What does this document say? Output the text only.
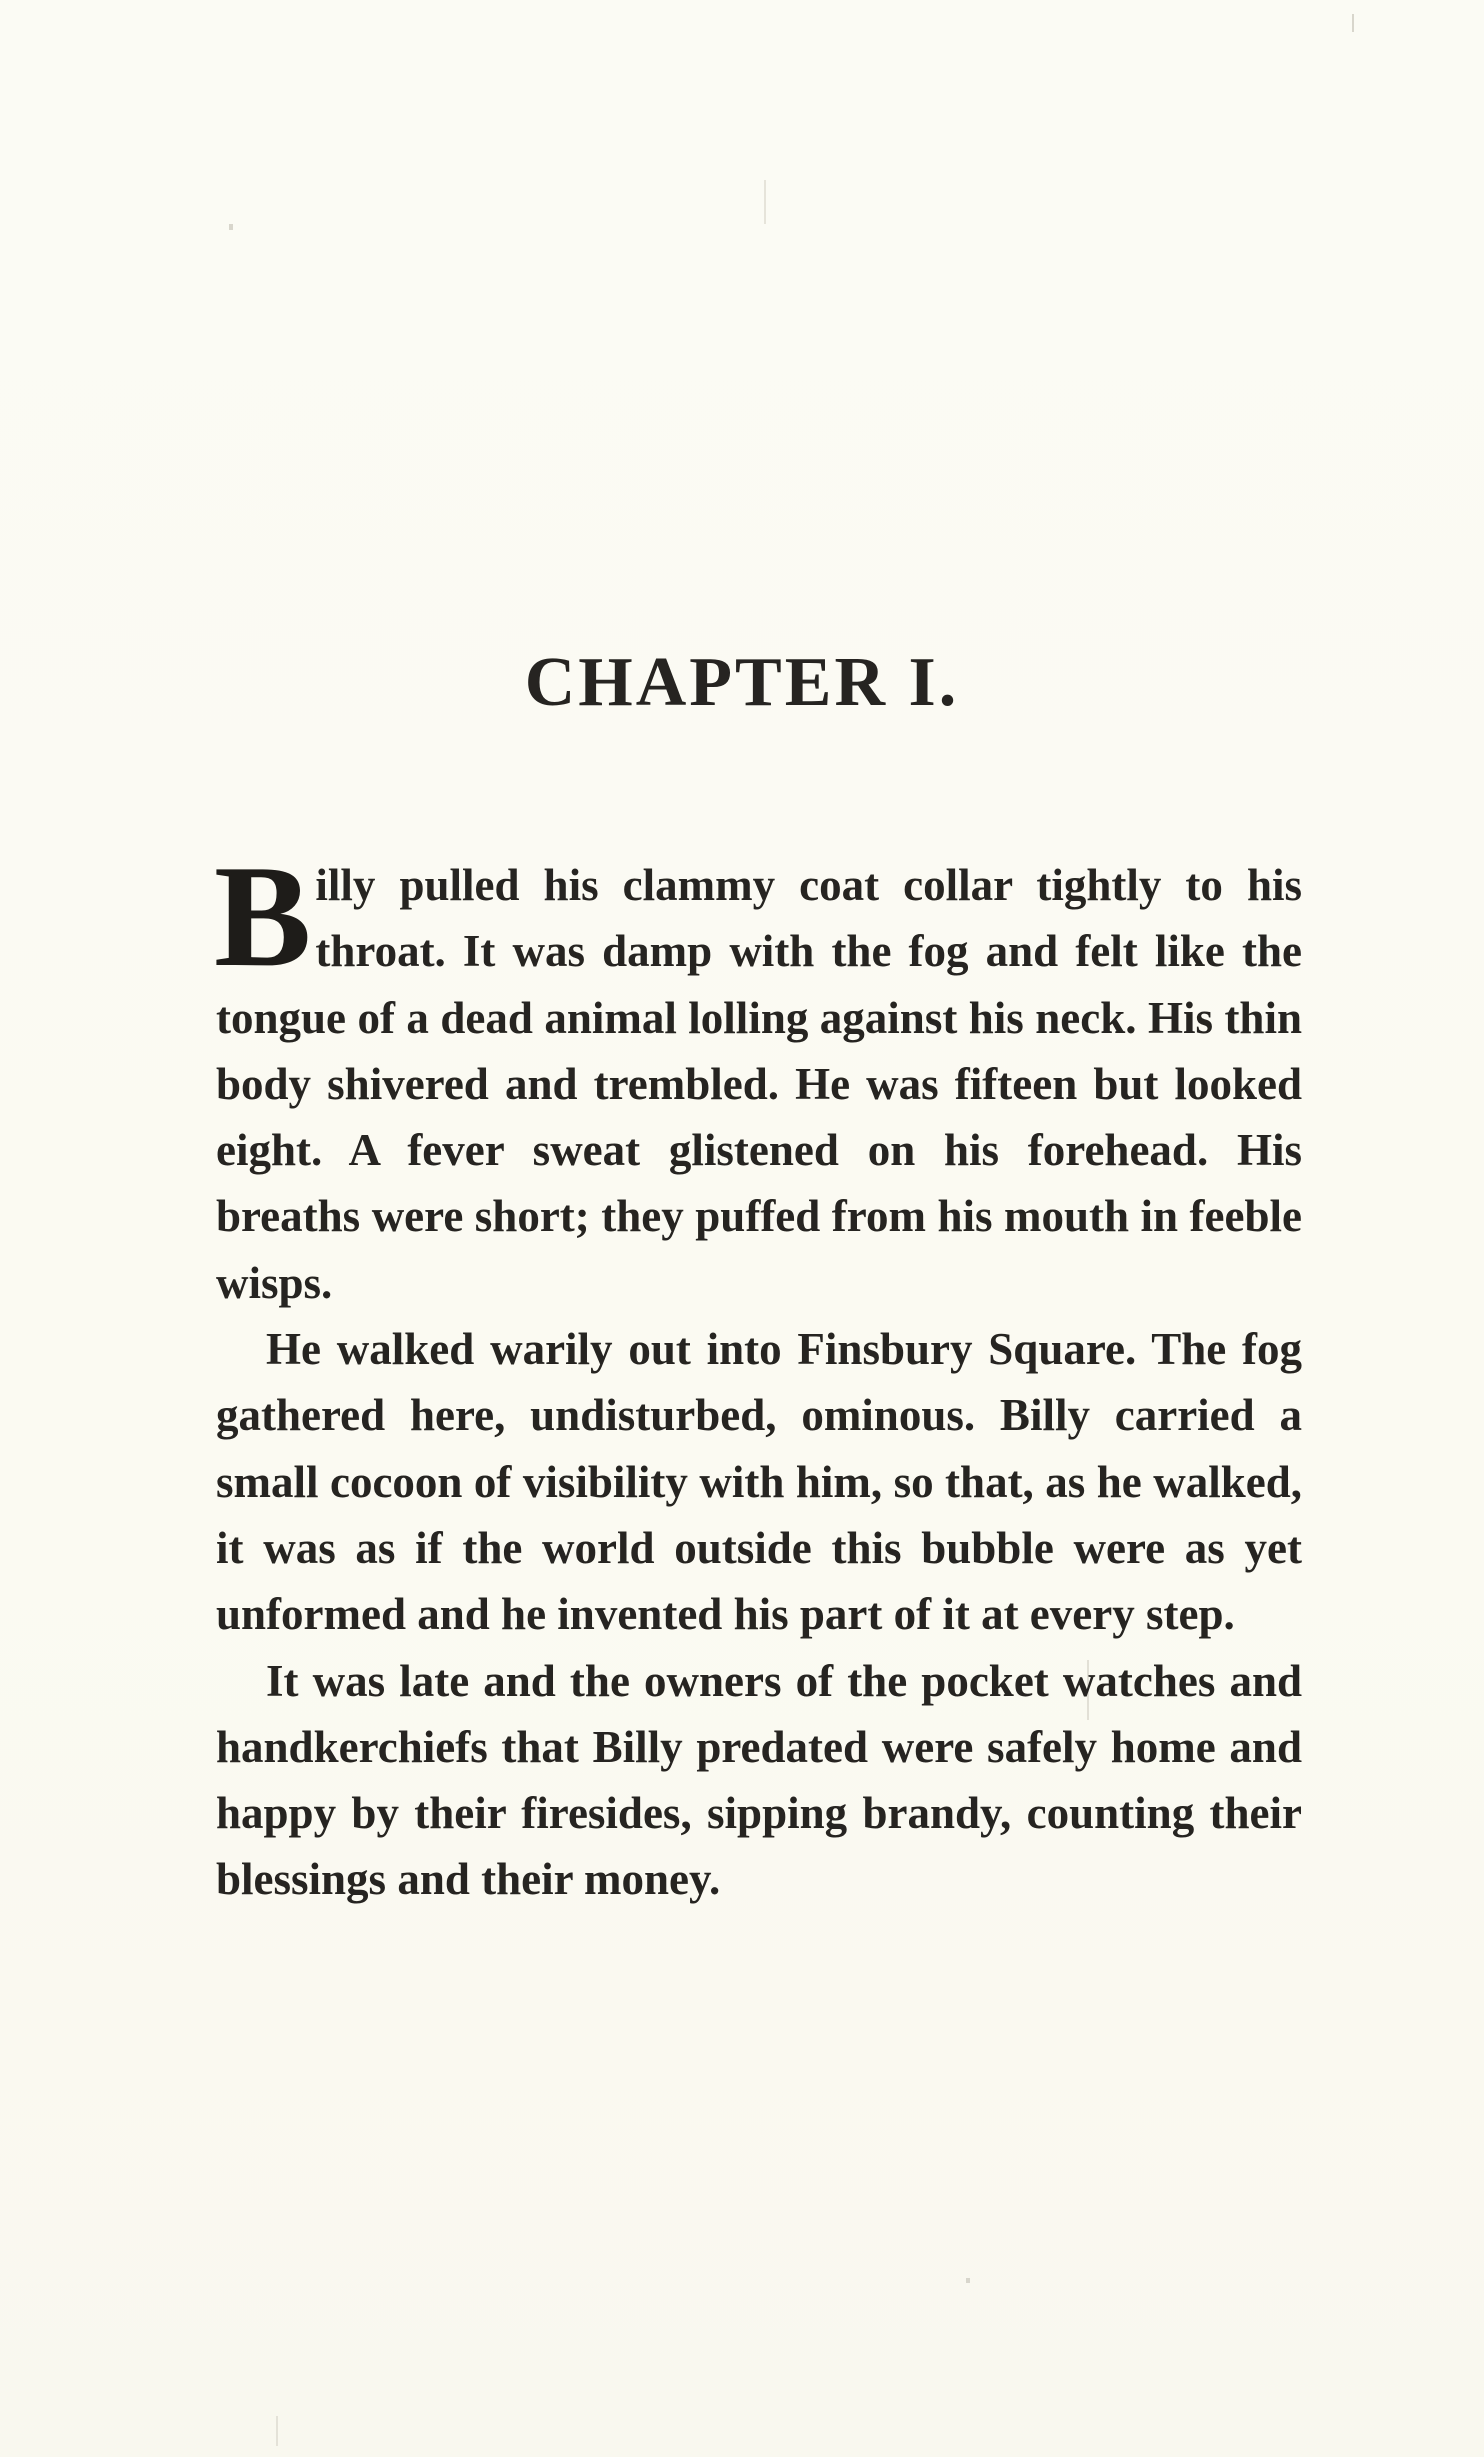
CHAPTER I.

Billy pulled his clammy coat collar tightly to his throat. It was damp with the fog and felt like the tongue of a dead animal lolling against his neck. His thin body shivered and trembled. He was fifteen but looked eight. A fever sweat glistened on his forehead. His breaths were short; they puffed from his mouth in feeble wisps.

He walked warily out into Finsbury Square. The fog gathered here, undisturbed, ominous. Billy carried a small cocoon of visibility with him, so that, as he walked, it was as if the world outside this bubble were as yet unformed and he invented his part of it at every step.

It was late and the owners of the pocket watches and handkerchiefs that Billy predated were safely home and happy by their firesides, sipping brandy, counting their blessings and their money.
